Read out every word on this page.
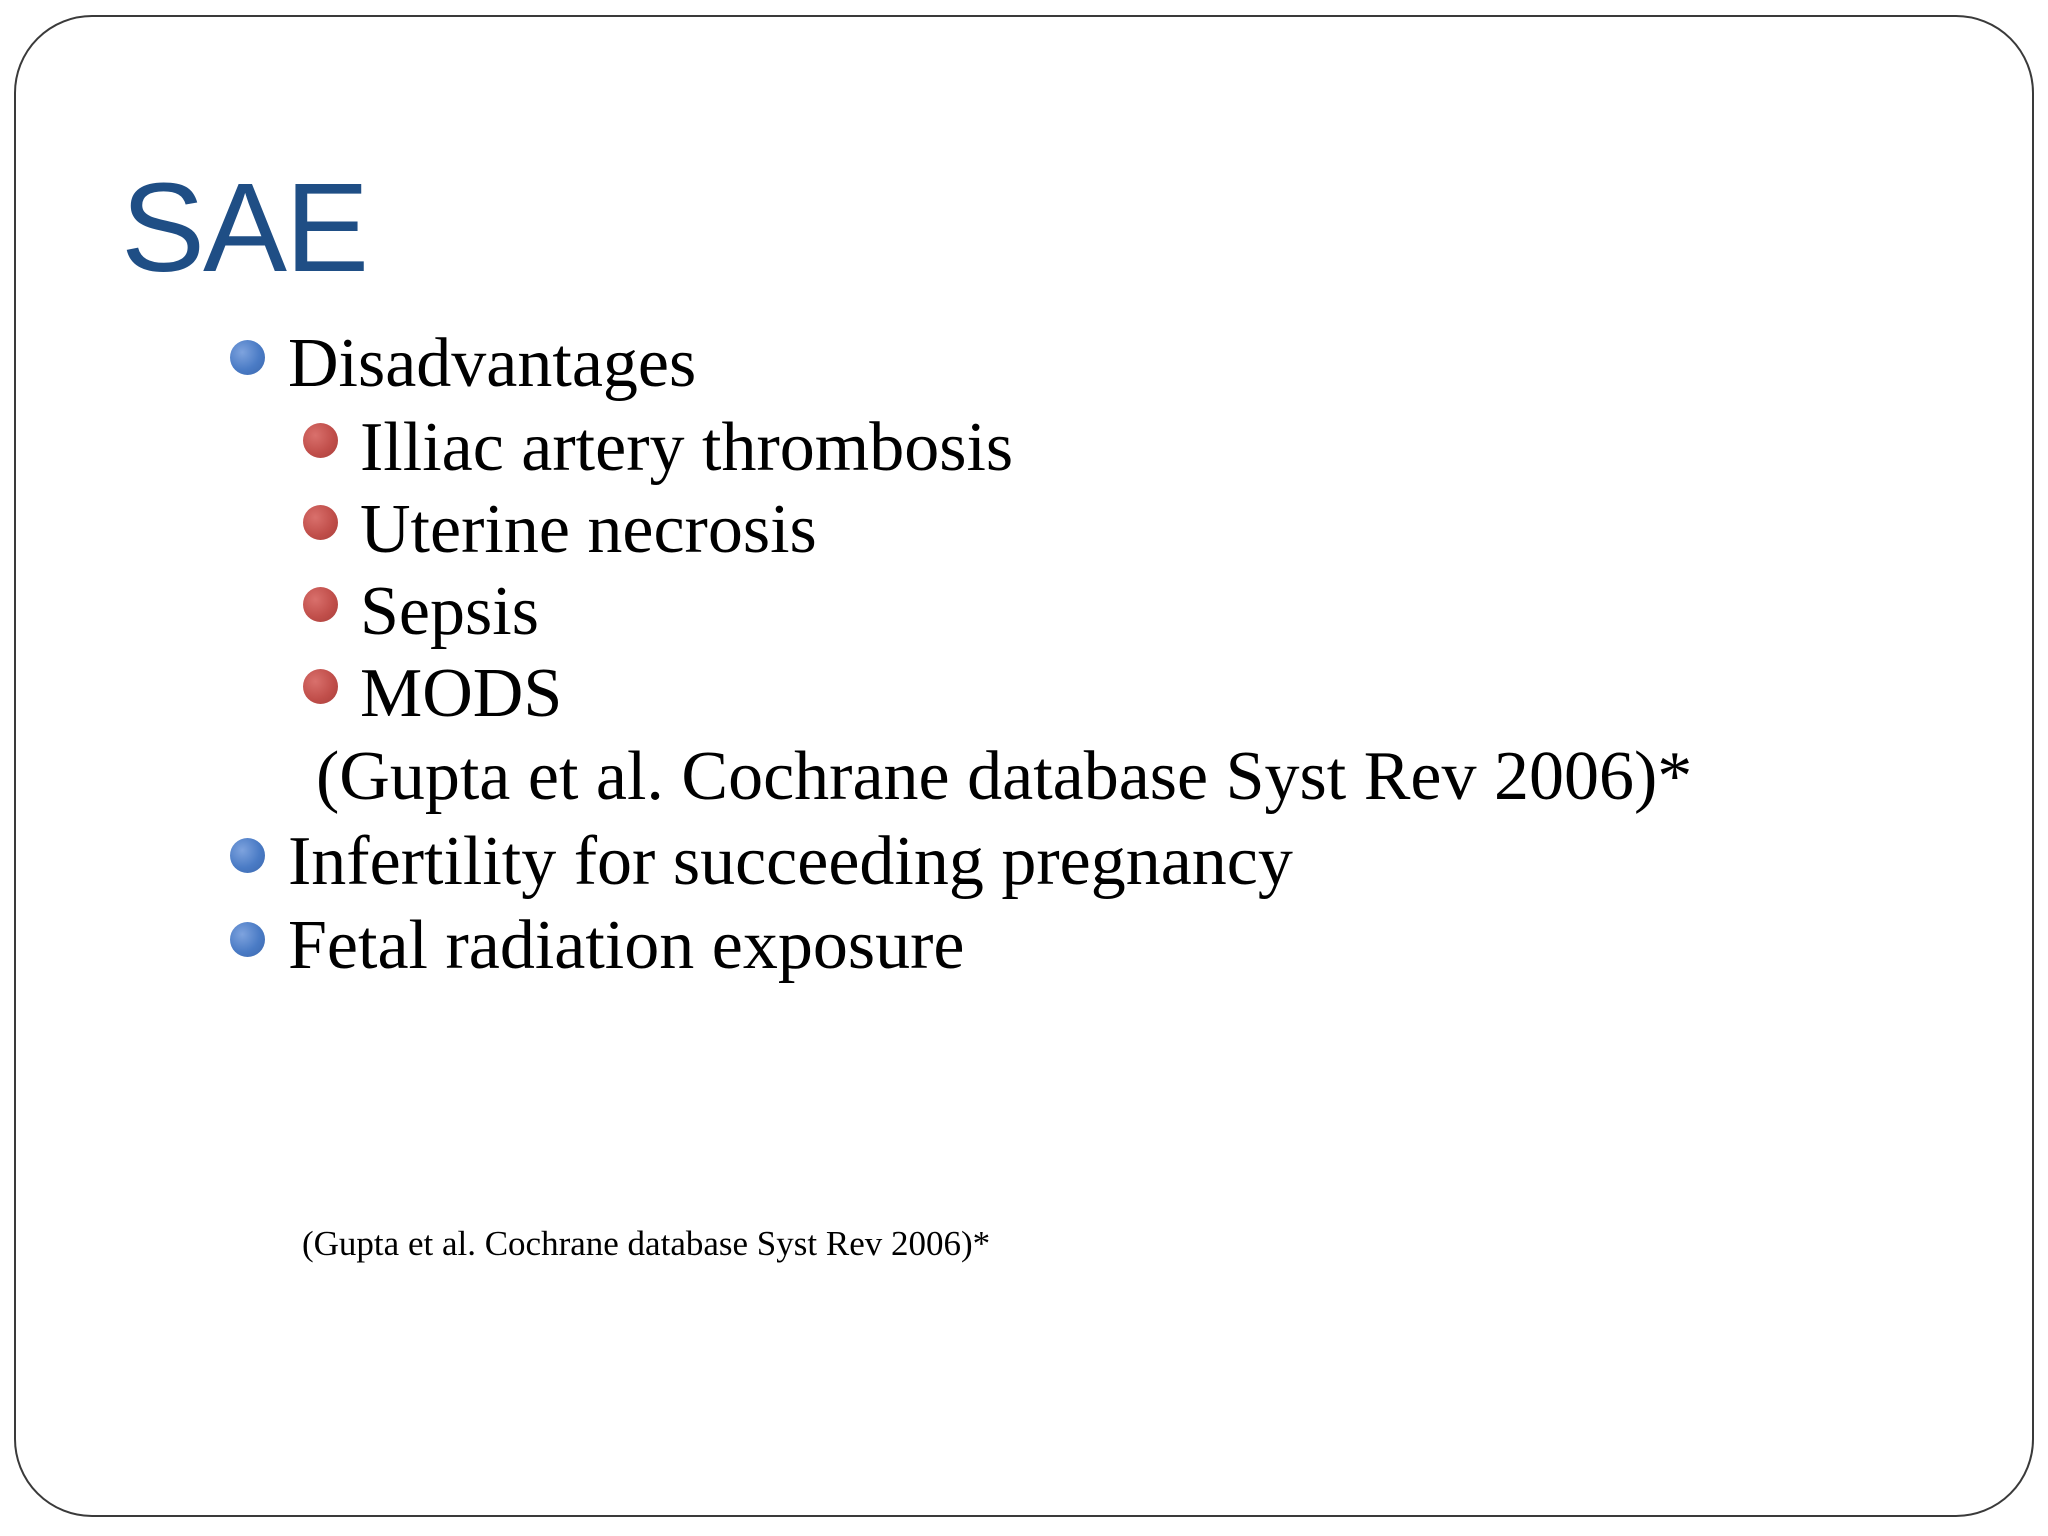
SAE
Disadvantages
Illiac artery thrombosis
Uterine necrosis
Sepsis
MODS
(Gupta et al. Cochrane database Syst Rev 2006)*
Infertility for succeeding pregnancy
Fetal radiation exposure
(Gupta et al. Cochrane database Syst Rev 2006)*
